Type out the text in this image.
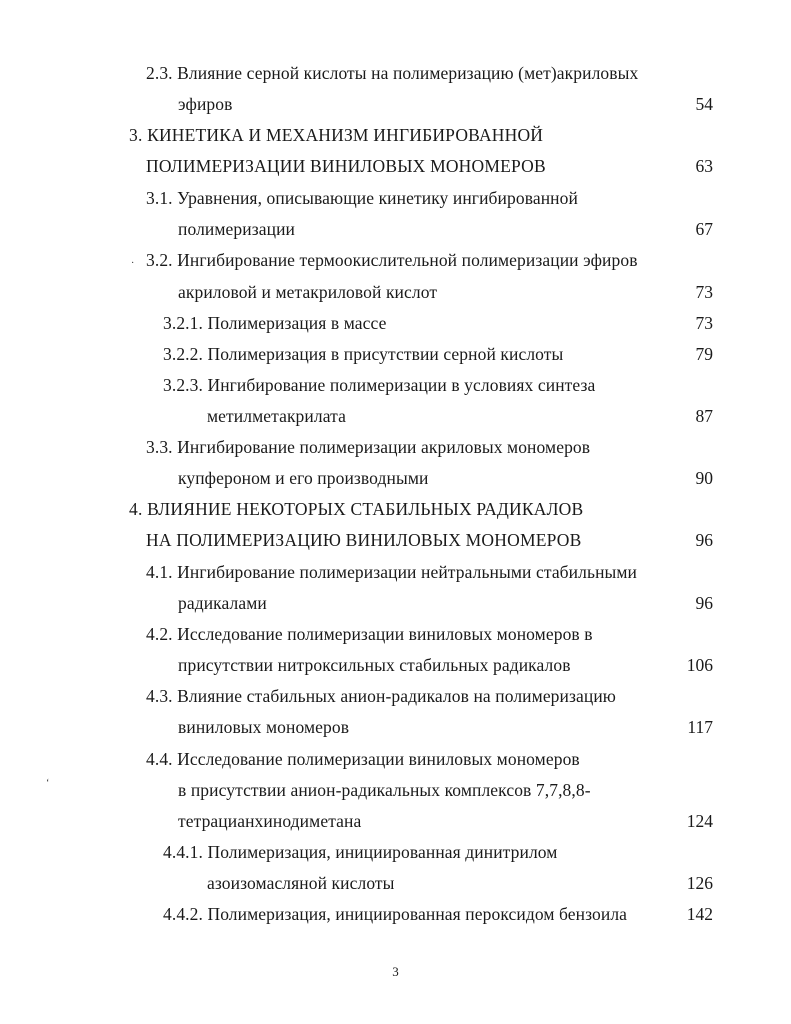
2.3. Влияние серной кислоты на полимеризацию (мет)акриловых
эфиров	54
3. КИНЕТИКА И МЕХАНИЗМ ИНГИБИРОВАННОЙ
ПОЛИМЕРИЗАЦИИ ВИНИЛОВЫХ МОНОМЕРОВ	63
3.1. Уравнения, описывающие кинетику ингибированной
полимеризации	67
3.2. Ингибирование термоокислительной полимеризации эфиров
акриловой и метакриловой кислот	73
3.2.1. Полимеризация в массе	73
3.2.2. Полимеризация в присутствии серной кислоты	79
3.2.3. Ингибирование полимеризации в условиях синтеза
метилметакрилата	87
3.3. Ингибирование полимеризации акриловых мономеров
купфероном и его производными	90
4. ВЛИЯНИЕ НЕКОТОРЫХ СТАБИЛЬНЫХ РАДИКАЛОВ
НА ПОЛИМЕРИЗАЦИЮ ВИНИЛОВЫХ МОНОМЕРОВ	96
4.1. Ингибирование полимеризации нейтральными стабильными
радикалами	96
4.2. Исследование полимеризации виниловых мономеров в
присутствии нитроксильных стабильных радикалов	106
4.3. Влияние стабильных анион-радикалов на полимеризацию
виниловых мономеров	117
4.4. Исследование полимеризации виниловых мономеров
в присутствии анион-радикальных комплексов 7,7,8,8-
тетрацианхинодиметана	124
4.4.1. Полимеризация, инициированная динитрилом
азоизомасляной кислоты	126
4.4.2. Полимеризация, инициированная пероксидом бензоила	142
·
ʻ
3
